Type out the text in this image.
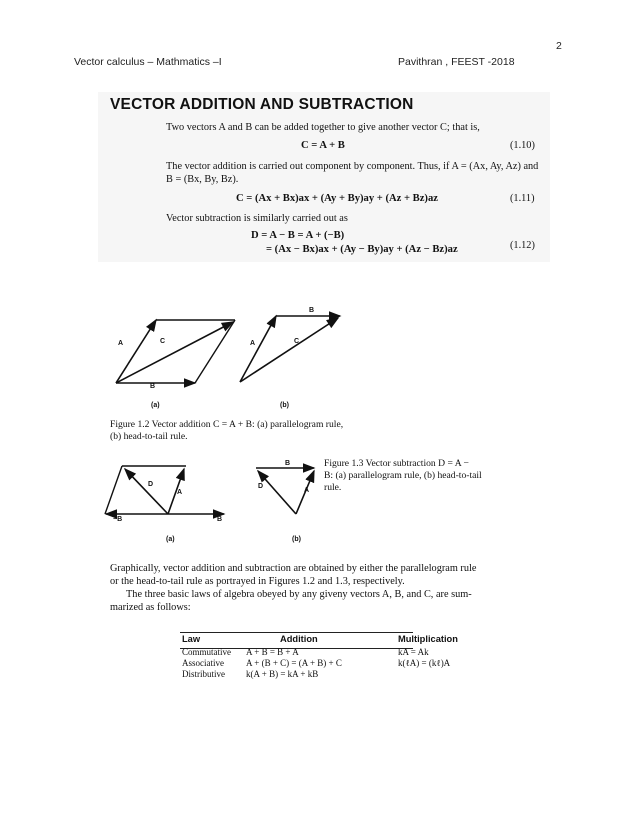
2
Vector calculus – Mathmatics –I	Pavithran , FEEST -2018
VECTOR ADDITION AND SUBTRACTION
Two vectors A and B can be added together to give another vector C; that is,
C = A + B	(1.10)
The vector addition is carried out component by component. Thus, if A = (Ax, Ay, Az) and
B = (Bx, By, Bz).
C = (Ax + Bx)ax + (Ay + By)ay + (Az + Bz)az	(1.11)
Vector subtraction is similarly carried out as
D = A − B = A + (−B)
= (Ax − Bx)ax + (Ay − By)ay + (Az − Bz)az	(1.12)
A	C
B
A	C
B
(a)	(b)
Figure 1.2 Vector addition C = A + B: (a) parallelogram rule,
(b) head-to-tail rule.
D
A
−B	B
B
D
A
(a)	(b)
Figure 1.3 Vector subtraction D = A −
B: (a) parallelogram rule, (b) head-to-tail
rule.
Graphically, vector addition and subtraction are obtained by either the parallelogram rule
or the head-to-tail rule as portrayed in Figures 1.2 and 1.3, respectively.
The three basic laws of algebra obeyed by any giveny vectors A, B, and C, are sum-
marized as follows:
Law	Addition	Multiplication
Commutative	A + B = B + A	kA = Ak
Associative	A + (B + C) = (A + B) + C	k(ℓA) = (kℓ)A
Distributive	k(A + B) = kA + kB	
